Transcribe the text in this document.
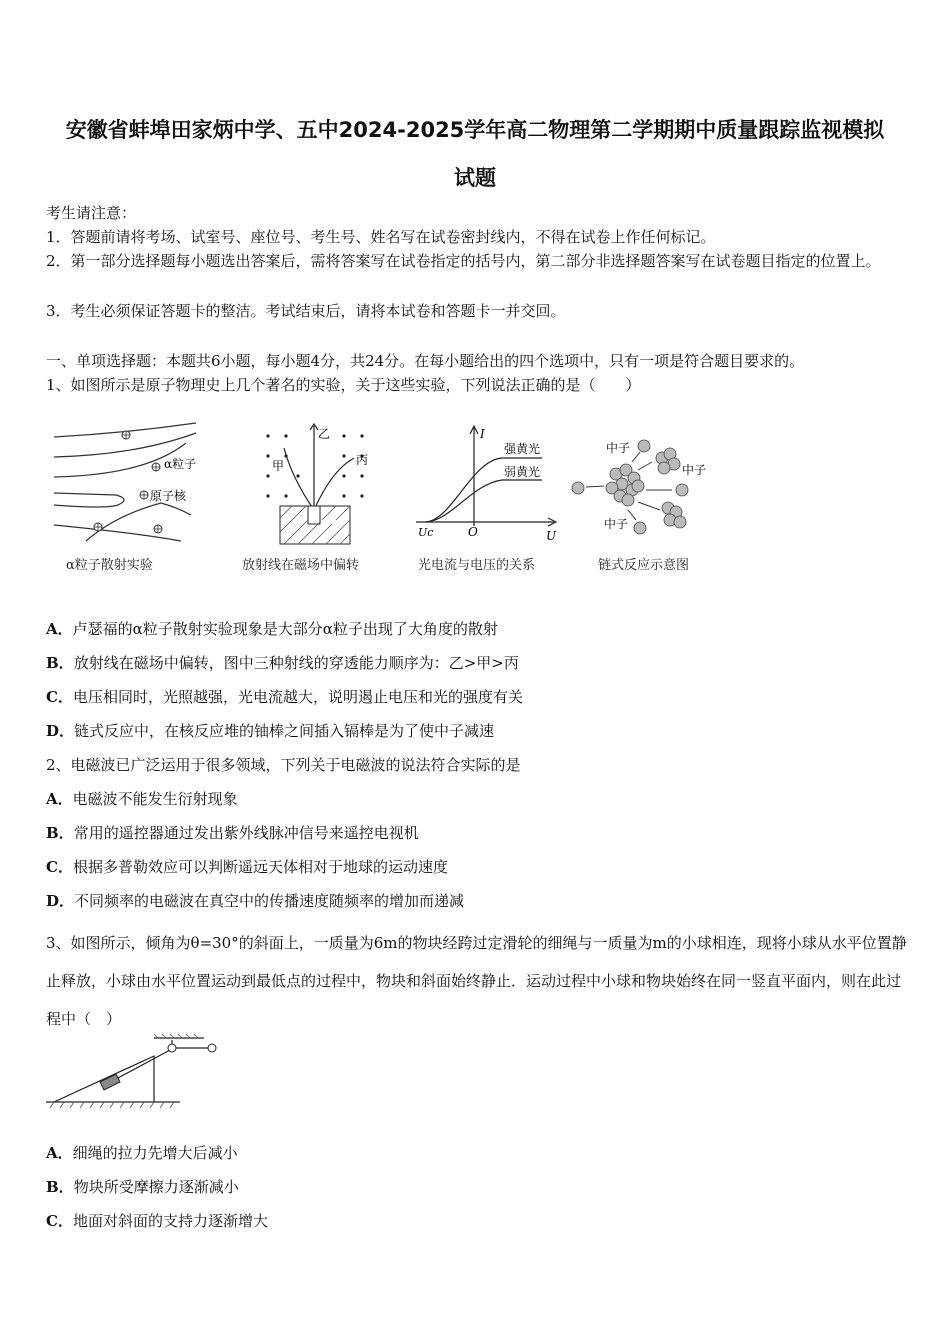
安徽省蚌埠田家炳中学、五中2024-2025学年高二物理第二学期期中质量跟踪监视模拟
试题
考生请注意：
1．答题前请将考场、试室号、座位号、考生号、姓名写在试卷密封线内，不得在试卷上作任何标记。
2．第一部分选择题每小题选出答案后，需将答案写在试卷指定的括号内，第二部分非选择题答案写在试卷题目指定的位置上。
3．考生必须保证答题卡的整洁。考试结束后，请将本试卷和答题卡一并交回。
一、单项选择题：本题共6小题，每小题4分，共24分。在每小题给出的四个选项中，只有一项是符合题目要求的。
1、如图所示是原子物理史上几个著名的实验，关于这些实验，下列说法正确的是（　　）
α粒子
原子核
α粒子散射实验
乙
甲	丙
放射线在磁场中偏转
I
U
O
Uc
强黄光
弱黄光
光电流与电压的关系
中子
中子
中子
链式反应示意图
A．卢瑟福的α粒子散射实验现象是大部分α粒子出现了大角度的散射
B．放射线在磁场中偏转，图中三种射线的穿透能力顺序为：乙>甲>丙
C．电压相同时，光照越强，光电流越大，说明遏止电压和光的强度有关
D．链式反应中，在核反应堆的铀棒之间插入镉棒是为了使中子减速
2、电磁波已广泛运用于很多领域，下列关于电磁波的说法符合实际的是
A．电磁波不能发生衍射现象
B．常用的遥控器通过发出紫外线脉冲信号来遥控电视机
C．根据多普勒效应可以判断遥远天体相对于地球的运动速度
D．不同频率的电磁波在真空中的传播速度随频率的增加而递减
3、如图所示，倾角为θ=30°的斜面上，一质量为6m的物块经跨过定滑轮的细绳与一质量为m的小球相连，现将小球从水平位置静止释放，小球由水平位置运动到最低点的过程中，物块和斜面始终静止．运动过程中小球和物块始终在同一竖直平面内，则在此过程中（　）
A．细绳的拉力先增大后减小
B．物块所受摩擦力逐渐减小
C．地面对斜面的支持力逐渐增大
